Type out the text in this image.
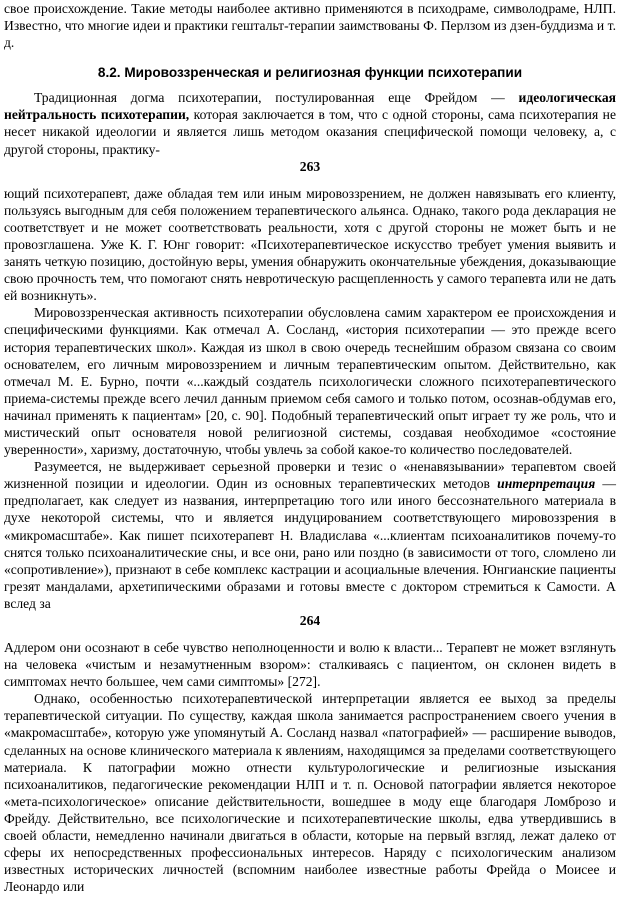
свое происхождение. Такие методы наиболее активно применяются в психодраме, символодраме, НЛП. Известно, что многие идеи и практики гештальт-терапии заимствованы Ф. Перлзом из дзен-буддизма и т. д.

8.2. Мировоззренческая и религиозная функции психотерапии

Традиционная догма психотерапии, постулированная еще Фрейдом — идеологическая нейтральность психотерапии, которая заключается в том, что с одной стороны, сама психотерапия не несет никакой идеологии и является лишь методом оказания специфической помощи человеку, а, с другой стороны, практику-

263

ющий психотерапевт, даже обладая тем или иным мировоззрением, не должен навязывать его клиенту, пользуясь выгодным для себя положением терапевтического альянса. Однако, такого рода декларация не соответствует и не может соответствовать реальности, хотя с другой стороны не может быть и не провозглашена. Уже К. Г. Юнг говорит: «Психотерапевтическое искусство требует умения выявить и занять четкую позицию, достойную веры, умения обнаружить окончательные убеждения, доказывающие свою прочность тем, что помогают снять невротическую расщепленность у самого терапевта или не дать ей возникнуть».

Мировоззренческая активность психотерапии обусловлена самим характером ее происхождения и специфическими функциями. Как отмечал А. Сосланд, «история психотерапии — это прежде всего история терапевтических школ». Каждая из школ в свою очередь теснейшим образом связана со своим основателем, его личным мировоззрением и личным терапевтическим опытом. Действительно, как отмечал М. Е. Бурно, почти «...каждый создатель психологически сложного психотерапевтического приема-системы прежде всего лечил данным приемом себя самого и только потом, осознав-обдумав его, начинал применять к пациентам» [20, с. 90]. Подобный терапевтический опыт играет ту же роль, что и мистический опыт основателя новой религиозной системы, создавая необходимое «состояние уверенности», харизму, достаточную, чтобы увлечь за собой какое-то количество последователей.

Разумеется, не выдерживает серьезной проверки и тезис о «ненавязывании» терапевтом своей жизненной позиции и идеологии. Один из основных терапевтических методов интерпретация — предполагает, как следует из названия, интерпретацию того или иного бессознательного материала в духе некоторой системы, что и является индуцированием соответствующего мировоззрения в «микромасштабе». Как пишет психотерапевт Н. Владислава «...клиентам психоаналитиков почему-то снятся только психоаналитические сны, и все они, рано или поздно (в зависимости от того, сломлено ли «сопротивление»), признают в себе комплекс кастрации и асоциальные влечения. Юнгианские пациенты грезят мандалами, архетипическими образами и готовы вместе с доктором стремиться к Самости. А вслед за

264

Адлером они осознают в себе чувство неполноценности и волю к власти... Терапевт не может взглянуть на человека «чистым и незамутненным взором»: сталкиваясь с пациентом, он склонен видеть в симптомах нечто большее, чем сами симптомы» [272].

Однако, особенностью психотерапевтической интерпретации является ее выход за пределы терапевтической ситуации. По существу, каждая школа занимается распространением своего учения в «макромасштабе», которую уже упомянутый А. Сосланд назвал «патографией» — расширение выводов, сделанных на основе клинического материала к явлениям, находящимся за пределами соответствующего материала. К патографии можно отнести культурологические и религиозные изыскания психоаналитиков, педагогические рекомендации НЛП и т. п. Основой патографии является некоторое «мета-психологическое» описание действительности, вошедшее в моду еще благодаря Ломброзо и Фрейду. Действительно, все психологические и психотерапевтические школы, едва утвердившись в своей области, немедленно начинали двигаться в области, которые на первый взгляд, лежат далеко от сферы их непосредственных профессиональных интересов. Наряду с психологическим анализом известных исторических личностей (вспомним наиболее известные работы Фрейда о Моисее и Леонардо или
